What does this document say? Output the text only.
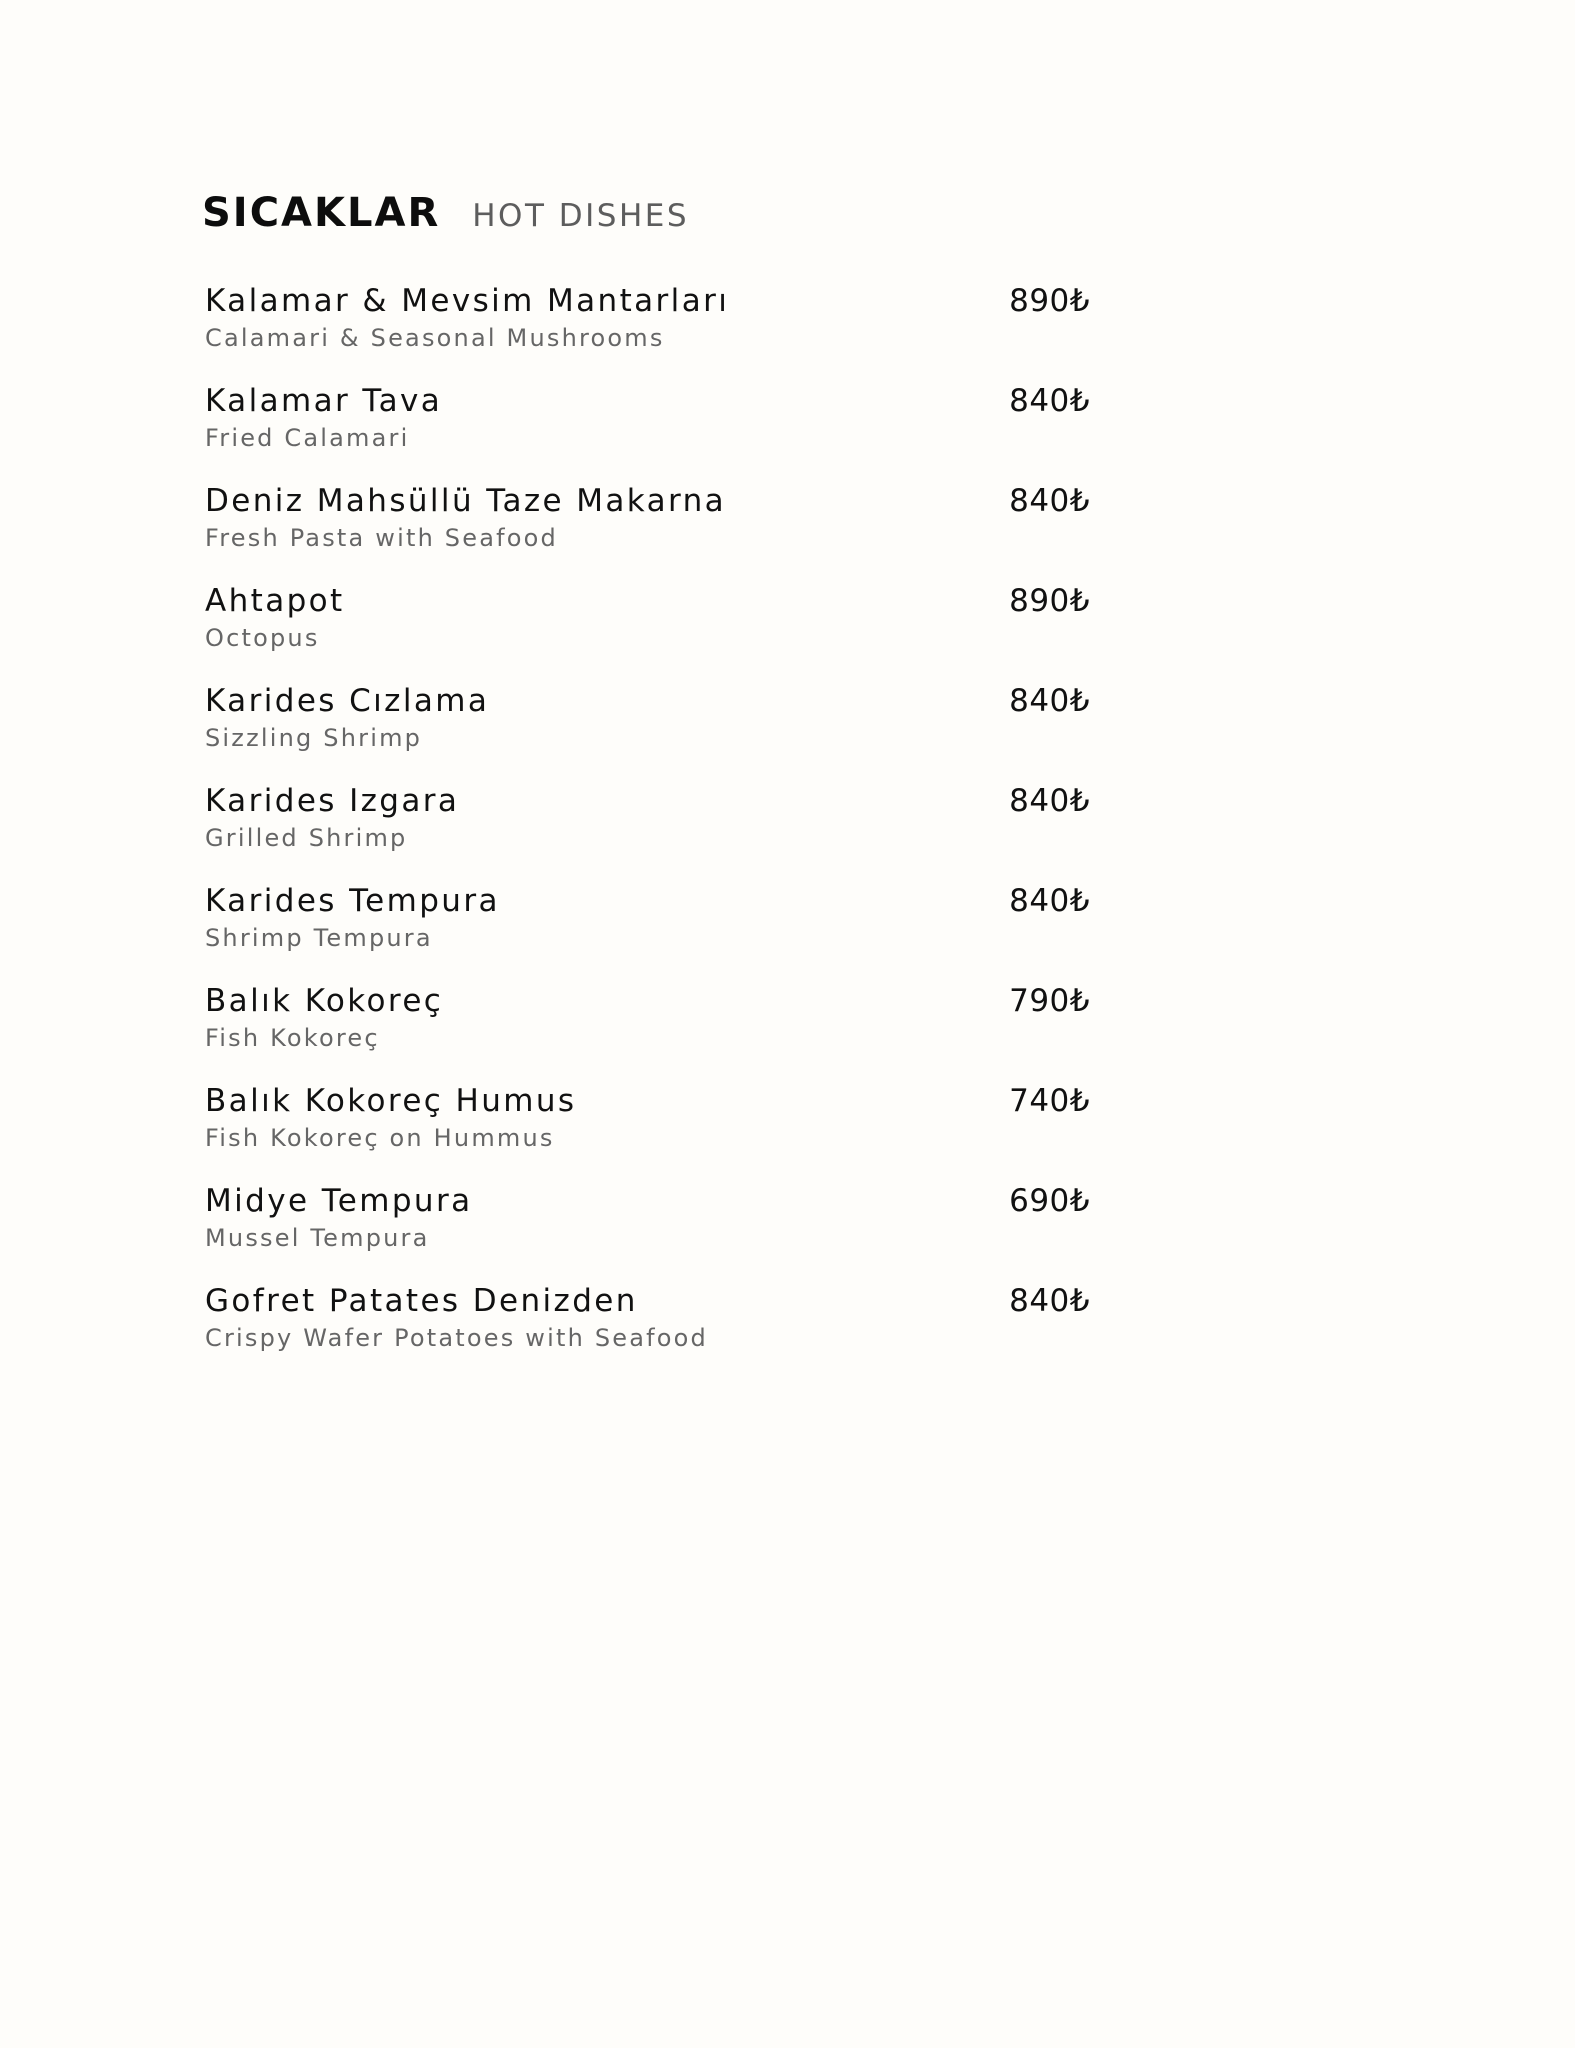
SICAKLAR HOT DISHES
Kalamar & Mevsim Mantarları
Calamari & Seasonal Mushrooms
890₺
Kalamar Tava
Fried Calamari
840₺
Deniz Mahsüllü Taze Makarna
Fresh Pasta with Seafood
840₺
Ahtapot
Octopus
890₺
Karides Cızlama
Sizzling Shrimp
840₺
Karides Izgara
Grilled Shrimp
840₺
Karides Tempura
Shrimp Tempura
840₺
Balık Kokoreç
Fish Kokoreç
790₺
Balık Kokoreç Humus
Fish Kokoreç on Hummus
740₺
Midye Tempura
Mussel Tempura
690₺
Gofret Patates Denizden
Crispy Wafer Potatoes with Seafood
840₺
